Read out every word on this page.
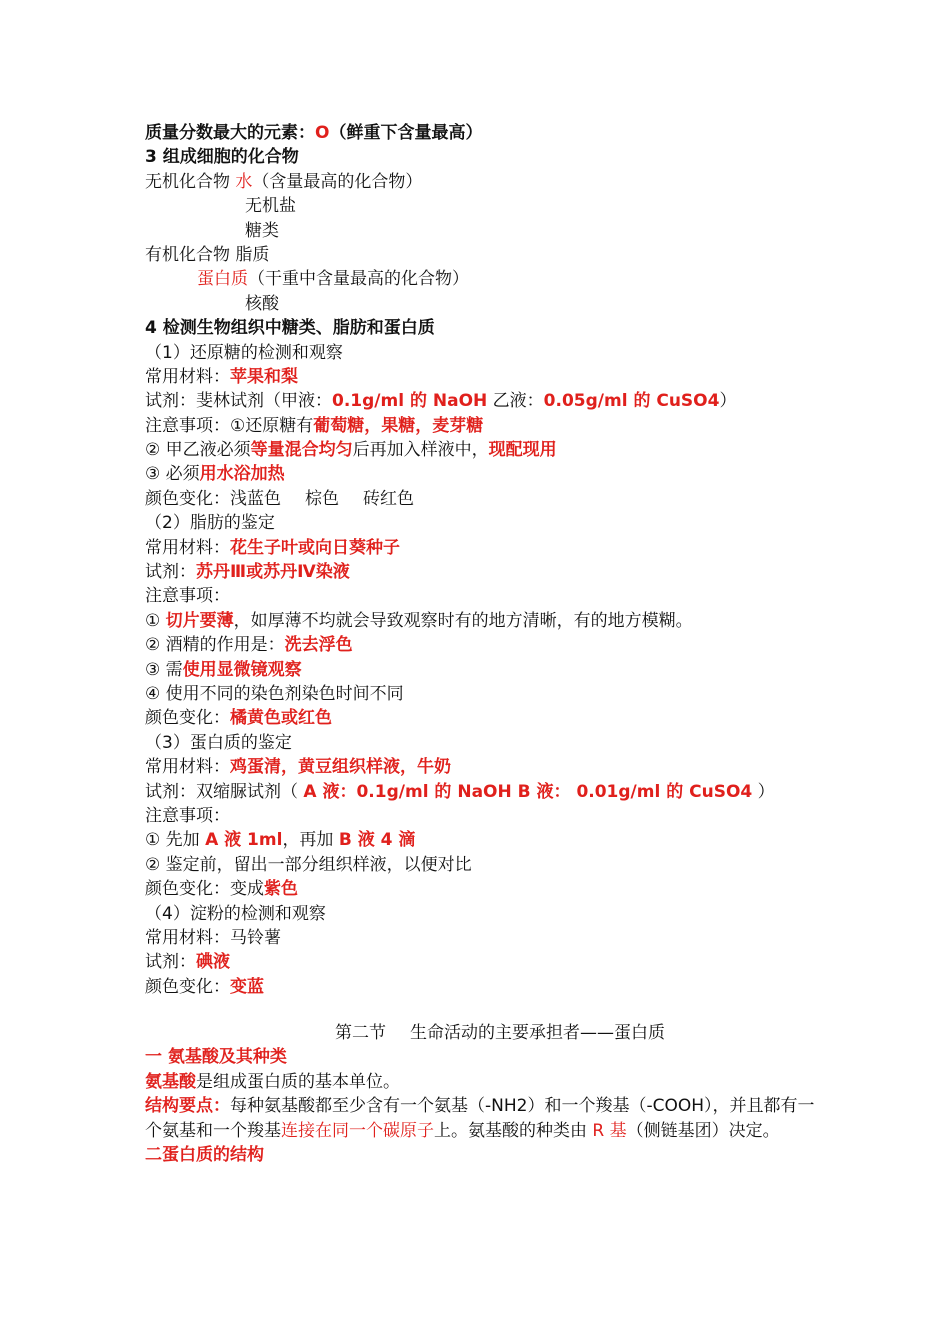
质量分数最大的元素：O（鲜重下含量最高）
3 组成细胞的化合物
无机化合物 水（含量最高的化合物）
无机盐
糖类
有机化合物 脂质
蛋白质（干重中含量最高的化合物）
核酸
4 检测生物组织中糖类、脂肪和蛋白质
（1）还原糖的检测和观察
常用材料：苹果和梨
试剂：斐林试剂（甲液：0.1g/ml 的 NaOH 乙液：0.05g/ml 的 CuSO4）
注意事项：①还原糖有葡萄糖，果糖，麦芽糖
② 甲乙液必须等量混合均匀后再加入样液中，现配现用
③ 必须用水浴加热
颜色变化：浅蓝色 棕色 砖红色
（2）脂肪的鉴定
常用材料：花生子叶或向日葵种子
试剂：苏丹Ⅲ或苏丹Ⅳ染液
注意事项：
① 切片要薄，如厚薄不均就会导致观察时有的地方清晰，有的地方模糊。
② 酒精的作用是：洗去浮色
③ 需使用显微镜观察
④ 使用不同的染色剂染色时间不同
颜色变化：橘黄色或红色
（3）蛋白质的鉴定
常用材料：鸡蛋清，黄豆组织样液，牛奶
试剂：双缩脲试剂（ A 液：0.1g/ml 的 NaOH B 液： 0.01g/ml 的 CuSO4 ）
注意事项：
① 先加 A 液 1ml，再加 B 液 4 滴
② 鉴定前，留出一部分组织样液，以便对比
颜色变化：变成紫色
（4）淀粉的检测和观察
常用材料：马铃薯
试剂：碘液
颜色变化：变蓝
第二节 生命活动的主要承担者——蛋白质
一 氨基酸及其种类
氨基酸是组成蛋白质的基本单位。
结构要点：每种氨基酸都至少含有一个氨基（-NH2）和一个羧基（-COOH），并且都有一个氨基和一个羧基连接在同一个碳原子上。氨基酸的种类由 R 基（侧链基团）决定。
二蛋白质的结构
